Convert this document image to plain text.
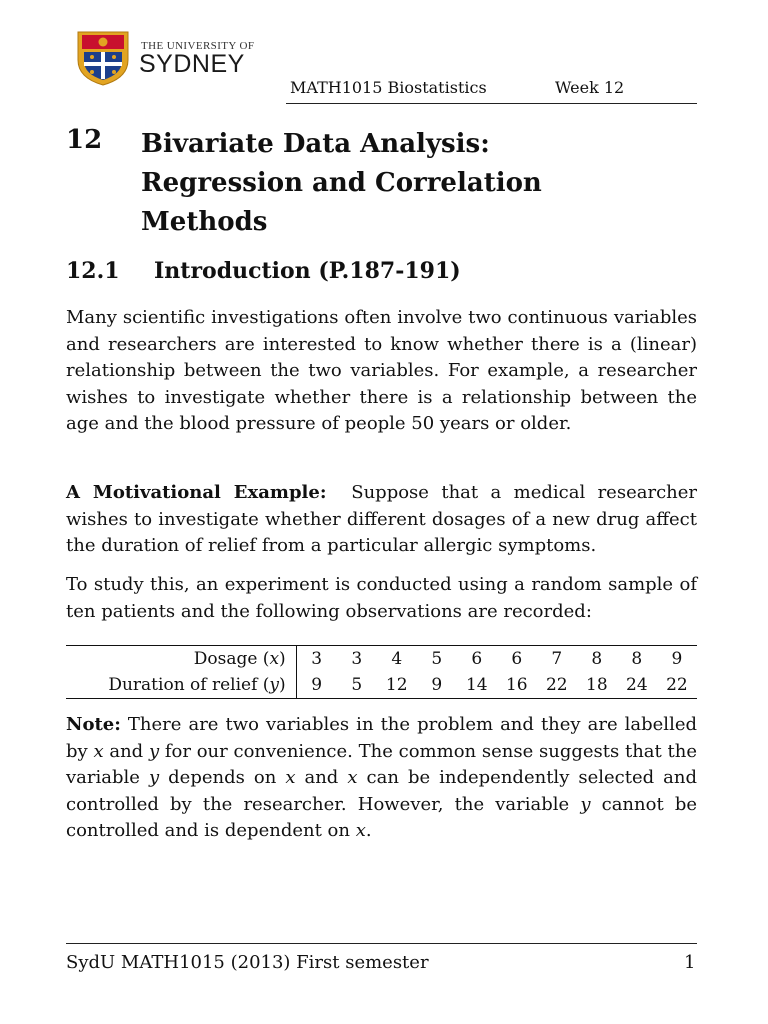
THE UNIVERSITY OF
SYDNEY
MATH1015 Biostatistics	Week 12
12 Bivariate Data Analysis:
Regression and Correlation
Methods
12.1 Introduction (P.187-191)
Many scientific investigations often involve two continuous variables and researchers are interested to know whether there is a (linear) relationship between the two variables. For example, a researcher wishes to investigate whether there is a relationship between the age and the blood pressure of people 50 years or older.
A Motivational Example: Suppose that a medical researcher wishes to investigate whether different dosages of a new drug affect the duration of relief from a particular allergic symptoms.
To study this, an experiment is conducted using a random sample of ten patients and the following observations are recorded:
Dosage (x)	3	3	4	5	6	6	7	8	8	9
Duration of relief (y)	9	5	12	9	14	16	22	18	24	22
Note: There are two variables in the problem and they are labelled by x and y for our convenience. The common sense suggests that the variable y depends on x and x can be independently selected and controlled by the researcher. However, the variable y cannot be controlled and is dependent on x.
SydU MATH1015 (2013) First semester	1
